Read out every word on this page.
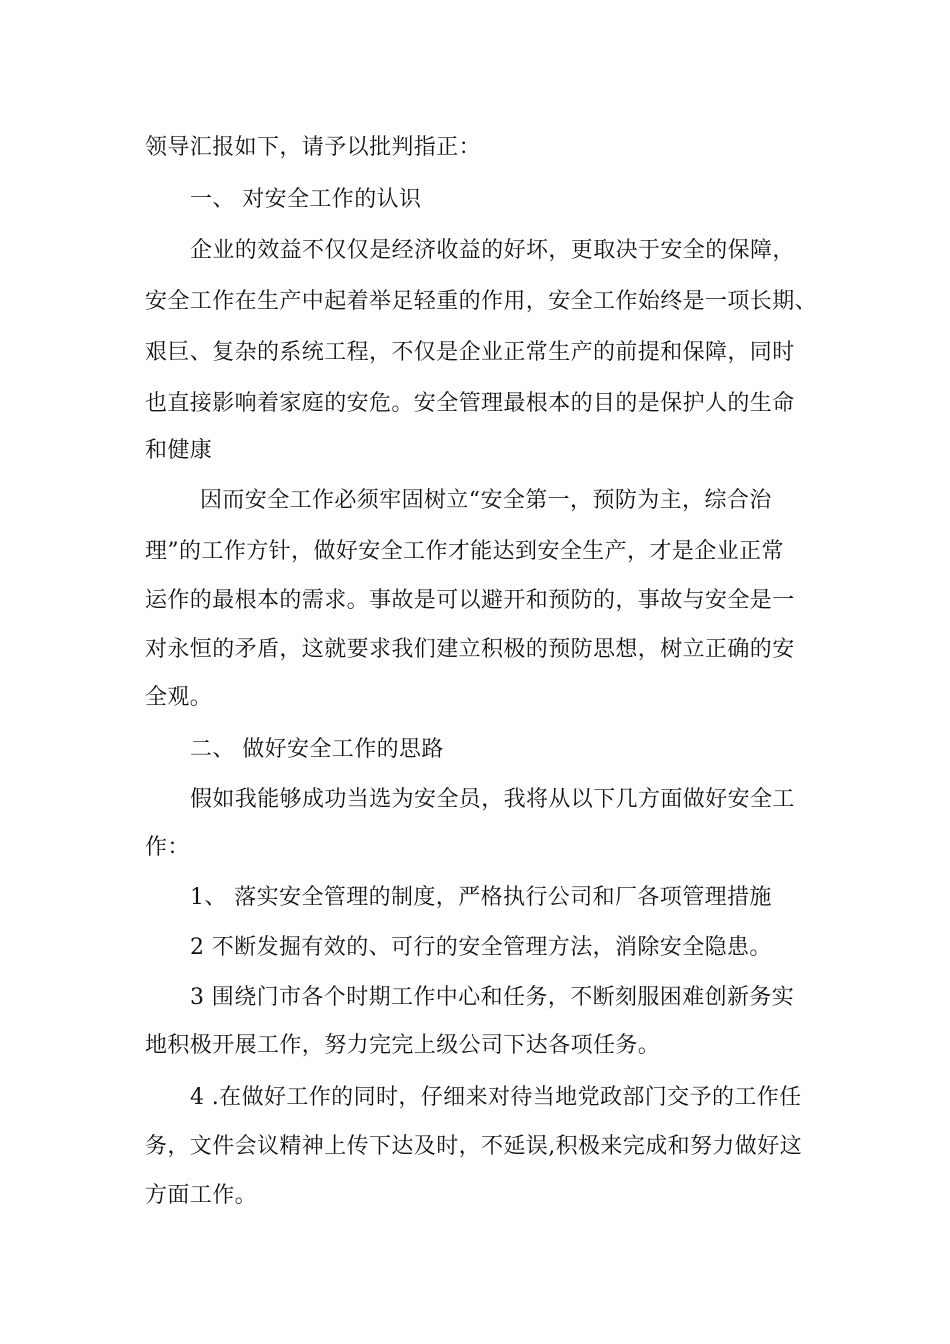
领导汇报如下，请予以批判指正：
一、 对安全工作的认识
企业的效益不仅仅是经济收益的好坏，更取决于安全的保障，
安全工作在生产中起着举足轻重的作用，安全工作始终是一项长期、
艰巨、复杂的系统工程，不仅是企业正常生产的前提和保障，同时
也直接影响着家庭的安危。安全管理最根本的目的是保护人的生命
和健康
因而安全工作必须牢固树立“安全第一，预防为主，综合治
理”的工作方针，做好安全工作才能达到安全生产，才是企业正常
运作的最根本的需求。事故是可以避开和预防的，事故与安全是一
对永恒的矛盾，这就要求我们建立积极的预防思想，树立正确的安
全观。
二、 做好安全工作的思路
假如我能够成功当选为安全员，我将从以下几方面做好安全工
作：
1、 落实安全管理的制度，严格执行公司和厂各项管理措施
2 不断发掘有效的、可行的安全管理方法，消除安全隐患。
3 围绕门市各个时期工作中心和任务，不断刻服困难创新务实
地积极开展工作，努力完完上级公司下达各项任务。
4 .在做好工作的同时，仔细来对待当地党政部门交予的工作任
务，文件会议精神上传下达及时，不延误,积极来完成和努力做好这
方面工作。
